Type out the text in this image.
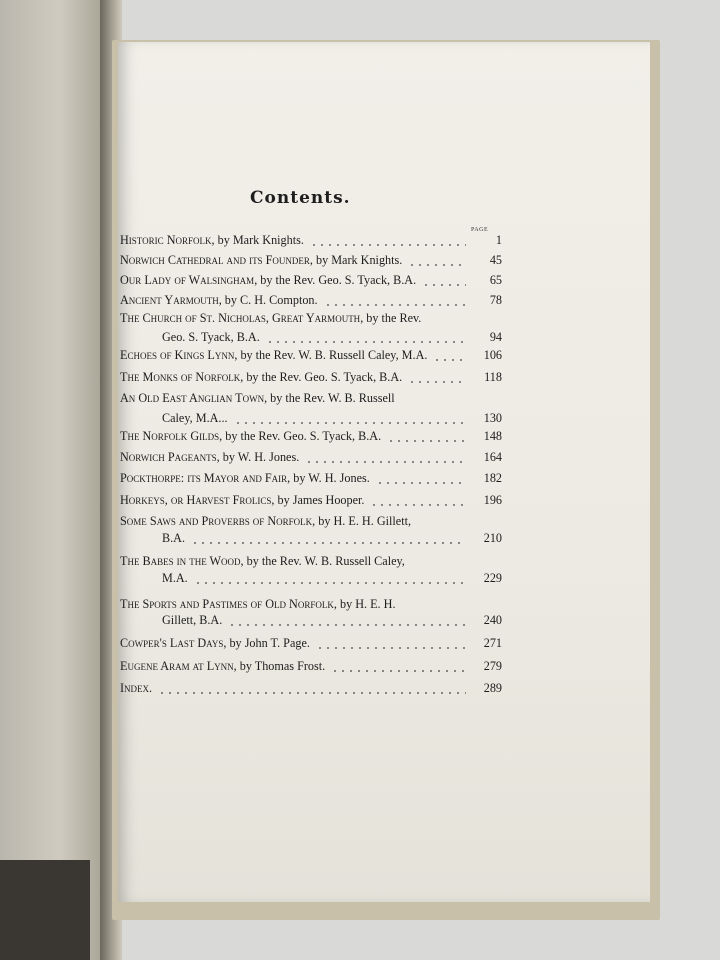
Contents.
PAGE
Historic Norfolk, by Mark Knights.	1
Norwich Cathedral and its Founder, by Mark Knights.	45
Our Lady of Walsingham, by the Rev. Geo. S. Tyack, B.A.	65
Ancient Yarmouth, by C. H. Compton.	78
The Church of St. Nicholas, Great Yarmouth, by the Rev.
Geo. S. Tyack, B.A.	94
Echoes of Kings Lynn, by the Rev. W. B. Russell Caley, M.A.	106
The Monks of Norfolk, by the Rev. Geo. S. Tyack, B.A.	118
An Old East Anglian Town, by the Rev. W. B. Russell
Caley, M.A...	130
The Norfolk Gilds, by the Rev. Geo. S. Tyack, B.A.	148
Norwich Pageants, by W. H. Jones.	164
Pockthorpe: its Mayor and Fair, by W. H. Jones.	182
Horkeys, or Harvest Frolics, by James Hooper.	196
Some Saws and Proverbs of Norfolk, by H. E. H. Gillett,
B.A.	210
The Babes in the Wood, by the Rev. W. B. Russell Caley,
M.A.	229
The Sports and Pastimes of Old Norfolk, by H. E. H.
Gillett, B.A.	240
Cowper's Last Days, by John T. Page.	271
Eugene Aram at Lynn, by Thomas Frost.	279
Index.	289
